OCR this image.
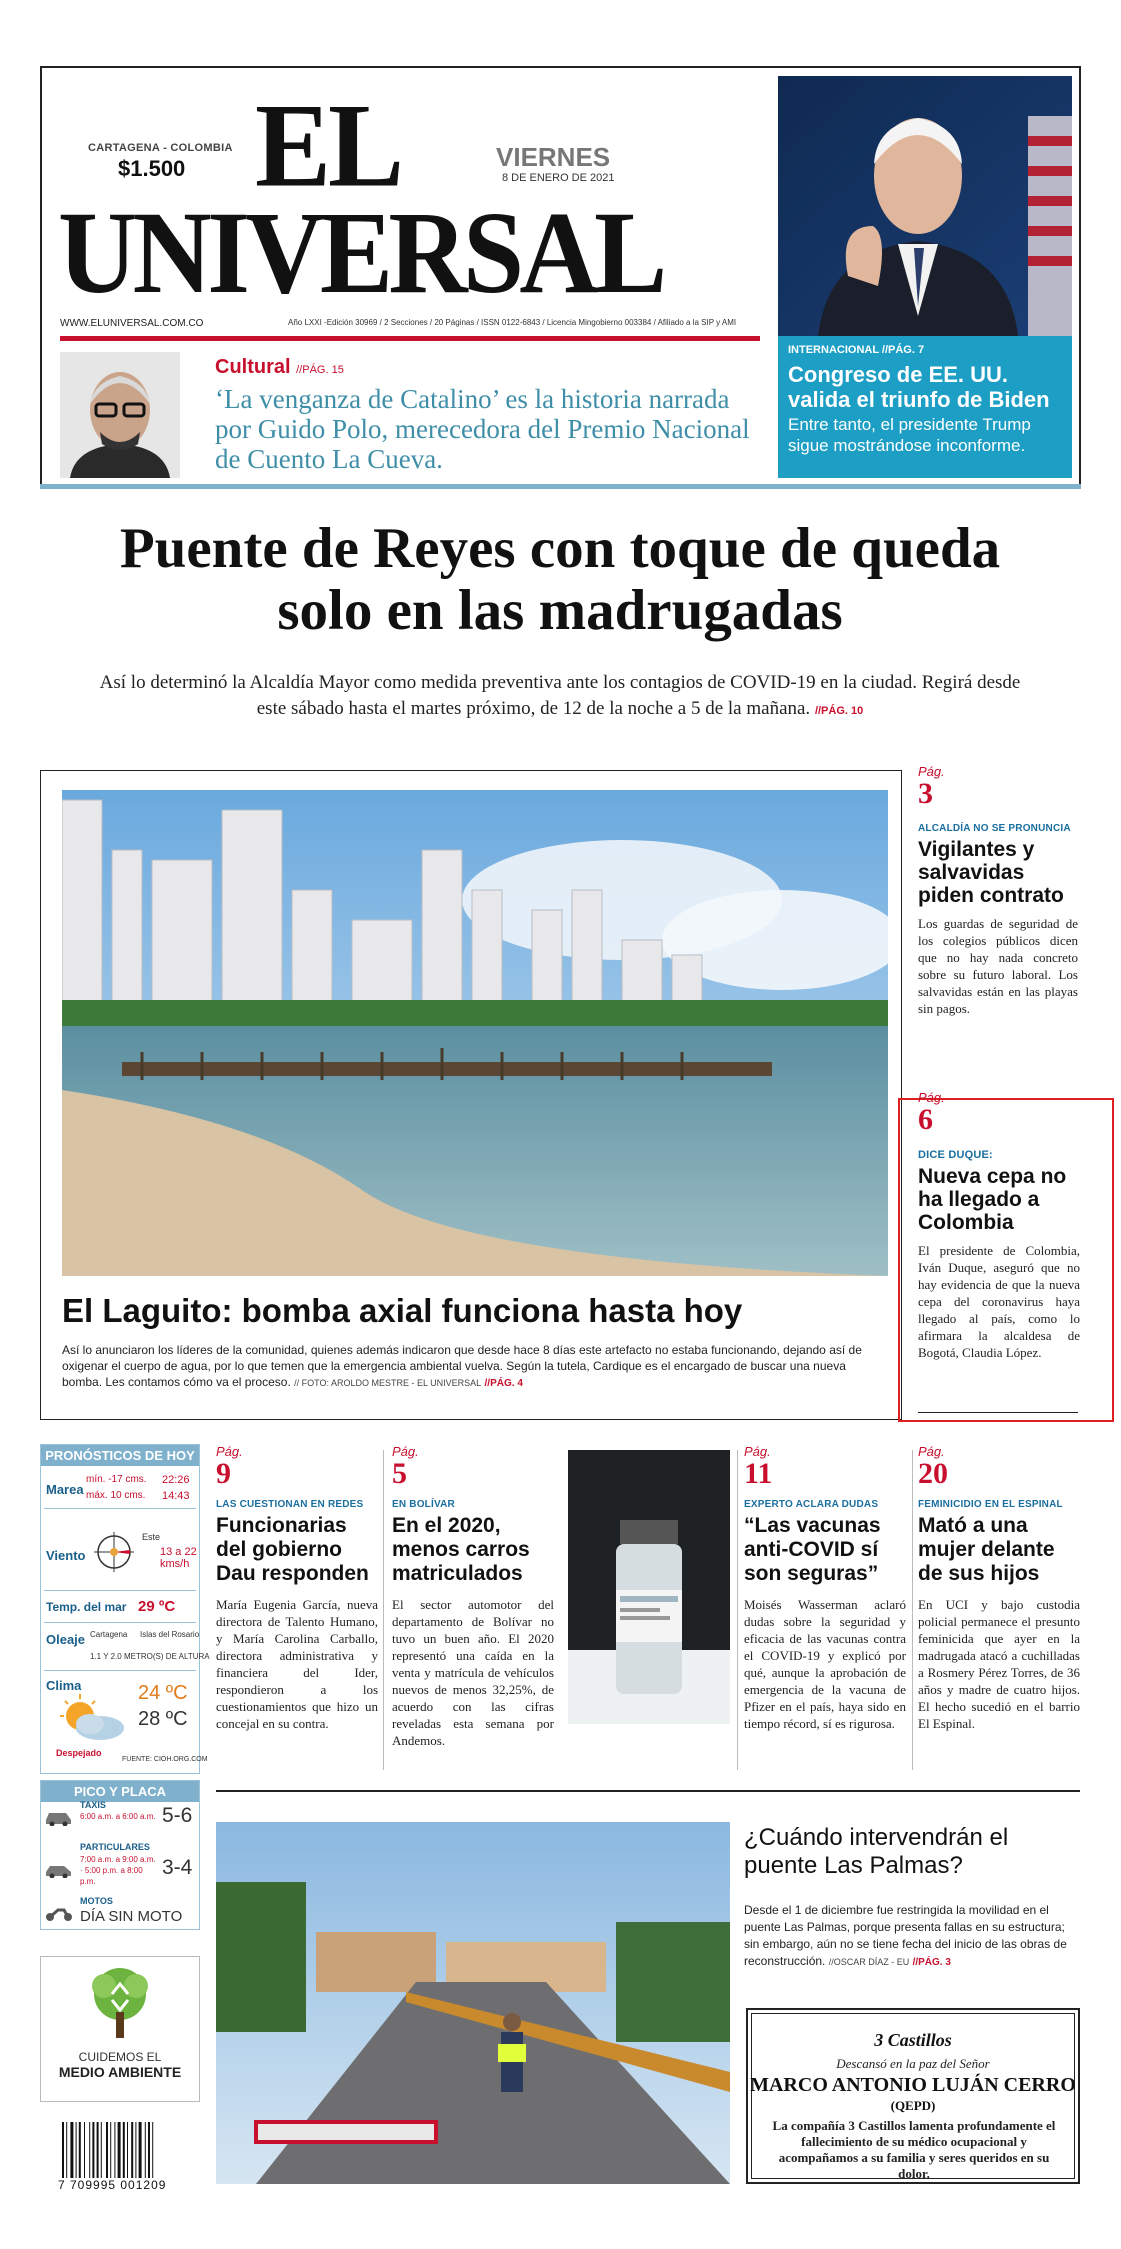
CARTAGENA - COLOMBIA
$1.500 EL
UNIVERSAL
VIERNES
8 DE ENERO DE 2021
WWW.ELUNIVERSAL.COM.CO	Año LXXI -Edición 30969 / 2 Secciones / 20 Páginas / ISSN 0122-6843 / Licencia Mingobierno 003384 / Afiliado a la SIP y AMI
Cultural //PÁG. 15
‘La venganza de Catalino’ es la historia narrada por Guido Polo, merecedora del Premio Nacional de Cuento La Cueva.
INTERNACIONAL //PÁG. 7
Congreso de EE. UU. valida el triunfo de Biden
Entre tanto, el presidente Trump sigue mostrándose inconforme.
Puente de Reyes con toque de queda solo en las madrugadas
Así lo determinó la Alcaldía Mayor como medida preventiva ante los contagios de COVID-19 en la ciudad. Regirá desde este sábado hasta el martes próximo, de 12 de la noche a 5 de la mañana. //PÁG. 10
El Laguito: bomba axial funciona hasta hoy
Así lo anunciaron los líderes de la comunidad, quienes además indicaron que desde hace 8 días este artefacto no estaba funcionando, dejando así de oxigenar el cuerpo de agua, por lo que temen que la emergencia ambiental vuelva. Según la tutela, Cardique es el encargado de buscar una nueva bomba. Les contamos cómo va el proceso. // FOTO: AROLDO MESTRE - EL UNIVERSAL //PÁG. 4
Pág.
3
ALCALDÍA NO SE PRONUNCIA
Vigilantes y salvavidas piden contrato
Los guardas de seguridad de los colegios públicos dicen que no hay nada concreto sobre su futuro laboral. Los salvavidas están en las playas sin pagos.
Pág.
6
DICE DUQUE:
Nueva cepa no ha llegado a Colombia
El presidente de Colombia, Iván Duque, aseguró que no hay evidencia de que la nueva cepa del coronavirus haya llegado al país, como lo afirmara la alcaldesa de Bogotá, Claudia López.
PRONÓSTICOS DE HOY
Marea
mín. -17 cms. 22:26
máx. 10 cms. 14:43
Viento
Este
13 a 22 kms/h
Temp. del mar 29 ºC
Oleaje Cartagena Islas del Rosario
1.1 Y 2.0 METRO(S) DE ALTURA
Clima	24 ºC
28 ºC
Despejado
FUENTE: CIOH.ORG.COM
PICO Y PLACA
TAXIS
6:00 a.m. a 6:00 a.m. 5-6
PARTICULARES
7:00 a.m. a 9:00 a.m. · 5:00 p.m. a 8:00 p.m.
3-4
MOTOS
DÍA SIN MOTO
CUIDEMOS EL
MEDIO AMBIENTE
7 709995 001209
Pág.
9
LAS CUESTIONAN EN REDES
Funcionarias del gobierno Dau responden
María Eugenia García, nueva directora de Talento Humano, y María Carolina Carballo, directora administrativa y financiera del Ider, respondieron a los cuestionamientos que hizo un concejal en su contra.
Pág.
5
EN BOLÍVAR
En el 2020, menos carros matriculados
El sector automotor del departamento de Bolívar no tuvo un buen año. El 2020 representó una caída en la venta y matrícula de vehículos nuevos de menos 32,25%, de acuerdo con las cifras reveladas esta semana por Andemos.
Pág.
11
EXPERTO ACLARA DUDAS
“Las vacunas anti-COVID sí son seguras”
Moisés Wasserman aclaró dudas sobre la seguridad y eficacia de las vacunas contra el COVID-19 y explicó por qué, aunque la aprobación de emergencia de la vacuna de Pfizer en el país, haya sido en tiempo récord, sí es rigurosa.
Pág.
20
FEMINICIDIO EN EL ESPINAL
Mató a una mujer delante de sus hijos
En UCI y bajo custodia policial permanece el presunto feminicida que ayer en la madrugada atacó a cuchilladas a Rosmery Pérez Torres, de 36 años y madre de cuatro hijos. El hecho sucedió en el barrio El Espinal.
¿Cuándo intervendrán el puente Las Palmas?
Desde el 1 de diciembre fue restringida la movilidad en el puente Las Palmas, porque presenta fallas en su estructura; sin embargo, aún no se tiene fecha del inicio de las obras de reconstrucción. //OSCAR DÍAZ - EU //PÁG. 3
3 Castillos
Descansó en la paz del Señor
MARCO ANTONIO LUJÁN CERRO
(QEPD)
La compañía 3 Castillos lamenta profundamente el fallecimiento de su médico ocupacional y acompañamos a su familia y seres queridos en su dolor.
